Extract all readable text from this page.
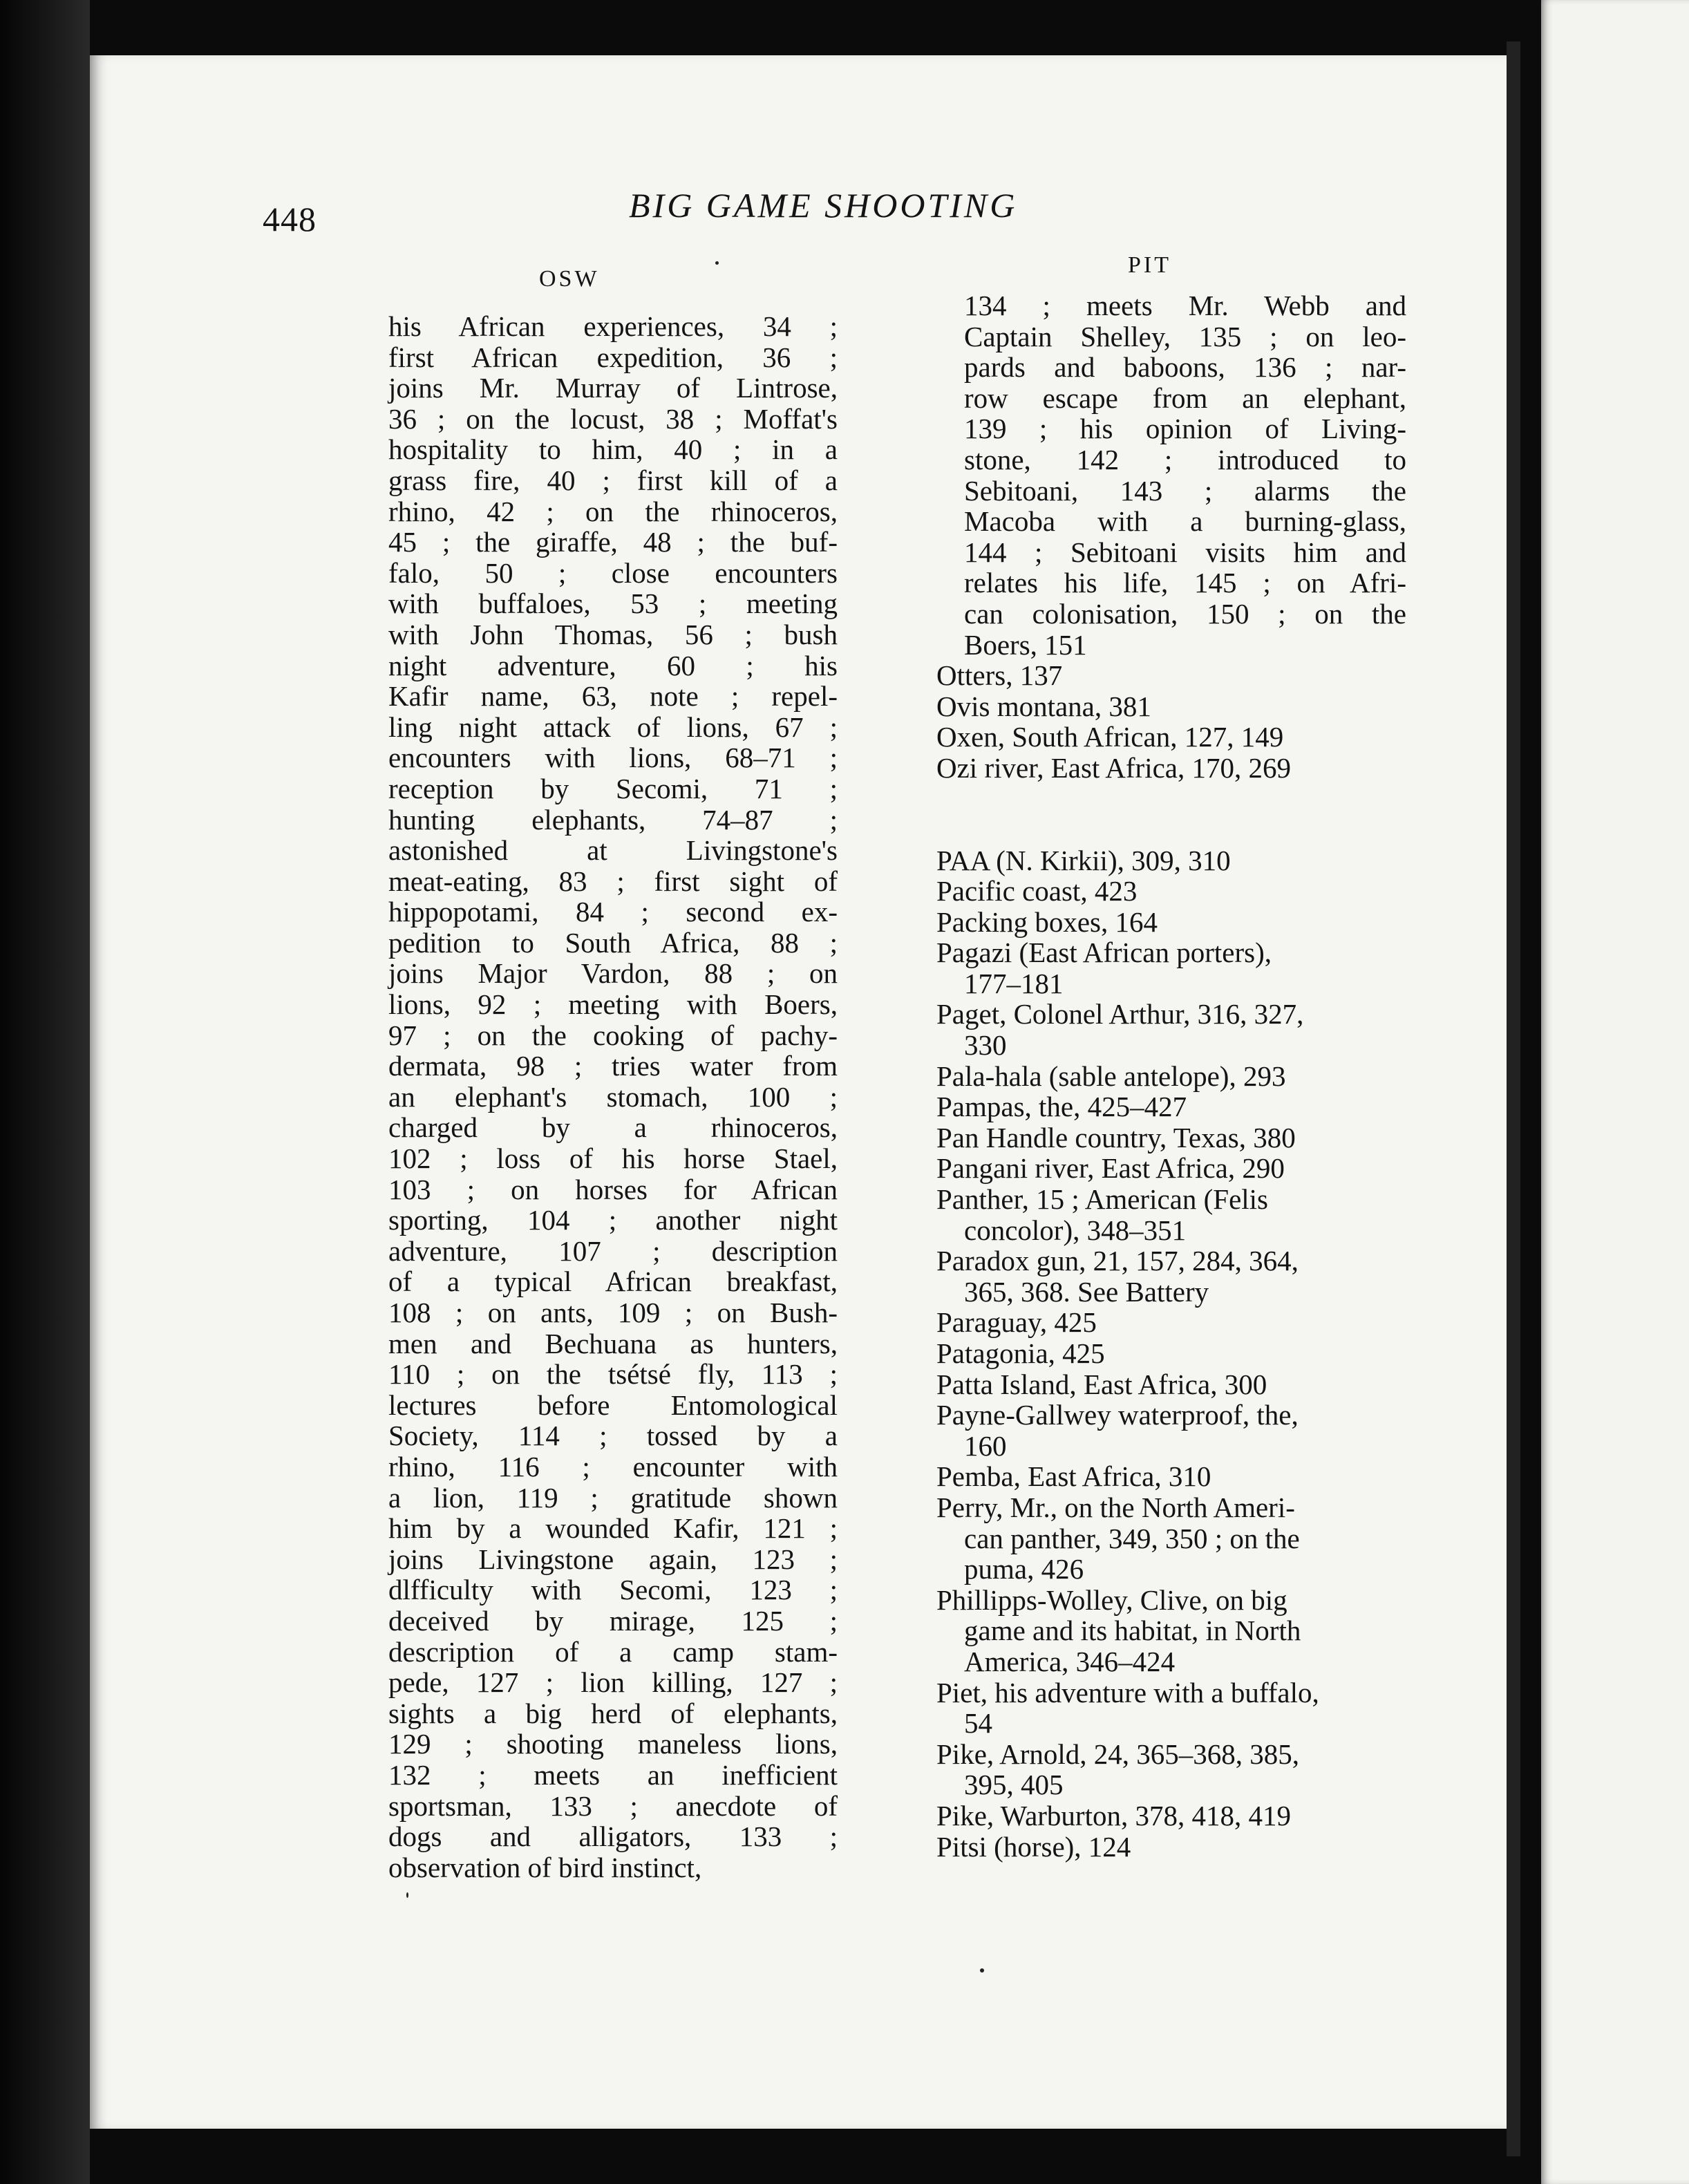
448	BIG GAME SHOOTING
OSW
PIT
his African experiences, 34 ;
first African expedition, 36 ;
joins Mr. Murray of Lintrose,
36 ; on the locust, 38 ; Moffat's
hospitality to him, 40 ; in a
grass fire, 40 ; first kill of a
rhino, 42 ; on the rhinoceros,
45 ; the giraffe, 48 ; the buf-
falo, 50 ; close encounters
with buffaloes, 53 ; meeting
with John Thomas, 56 ; bush
night adventure, 60 ; his
Kafir name, 63, note ; repel-
ling night attack of lions, 67 ;
encounters with lions, 68–71 ;
reception by Secomi, 71 ;
hunting elephants, 74–87 ;
astonished at Livingstone's
meat-eating, 83 ; first sight of
hippopotami, 84 ; second ex-
pedition to South Africa, 88 ;
joins Major Vardon, 88 ; on
lions, 92 ; meeting with Boers,
97 ; on the cooking of pachy-
dermata, 98 ; tries water from
an elephant's stomach, 100 ;
charged by a rhinoceros,
102 ; loss of his horse Stael,
103 ; on horses for African
sporting, 104 ; another night
adventure, 107 ; description
of a typical African breakfast,
108 ; on ants, 109 ; on Bush-
men and Bechuana as hunters,
110 ; on the tsétsé fly, 113 ;
lectures before Entomological
Society, 114 ; tossed by a
rhino, 116 ; encounter with
a lion, 119 ; gratitude shown
him by a wounded Kafir, 121 ;
joins Livingstone again, 123 ;
dlfficulty with Secomi, 123 ;
deceived by mirage, 125 ;
description of a camp stam-
pede, 127 ; lion killing, 127 ;
sights a big herd of elephants,
129 ; shooting maneless lions,
132 ; meets an inefficient
sportsman, 133 ; anecdote of
dogs and alligators, 133 ;
observation of bird instinct,
134 ; meets Mr. Webb and
Captain Shelley, 135 ; on leo-
pards and baboons, 136 ; nar-
row escape from an elephant,
139 ; his opinion of Living-
stone, 142 ; introduced to
Sebitoani, 143 ; alarms the
Macoba with a burning-glass,
144 ; Sebitoani visits him and
relates his life, 145 ; on Afri-
can colonisation, 150 ; on the
Boers, 151
Otters, 137
Ovis montana, 381
Oxen, South African, 127, 149
Ozi river, East Africa, 170, 269
PAA (N. Kirkii), 309, 310
Pacific coast, 423
Packing boxes, 164
Pagazi (East African porters),
177–181
Paget, Colonel Arthur, 316, 327,
330
Pala-hala (sable antelope), 293
Pampas, the, 425–427
Pan Handle country, Texas, 380
Pangani river, East Africa, 290
Panther, 15 ; American (Felis
concolor), 348–351
Paradox gun, 21, 157, 284, 364,
365, 368. See Battery
Paraguay, 425
Patagonia, 425
Patta Island, East Africa, 300
Payne-Gallwey waterproof, the,
160
Pemba, East Africa, 310
Perry, Mr., on the North Ameri-
can panther, 349, 350 ; on the
puma, 426
Phillipps-Wolley, Clive, on big
game and its habitat, in North
America, 346–424
Piet, his adventure with a buffalo,
54
Pike, Arnold, 24, 365–368, 385,
395, 405
Pike, Warburton, 378, 418, 419
Pitsi (horse), 124
